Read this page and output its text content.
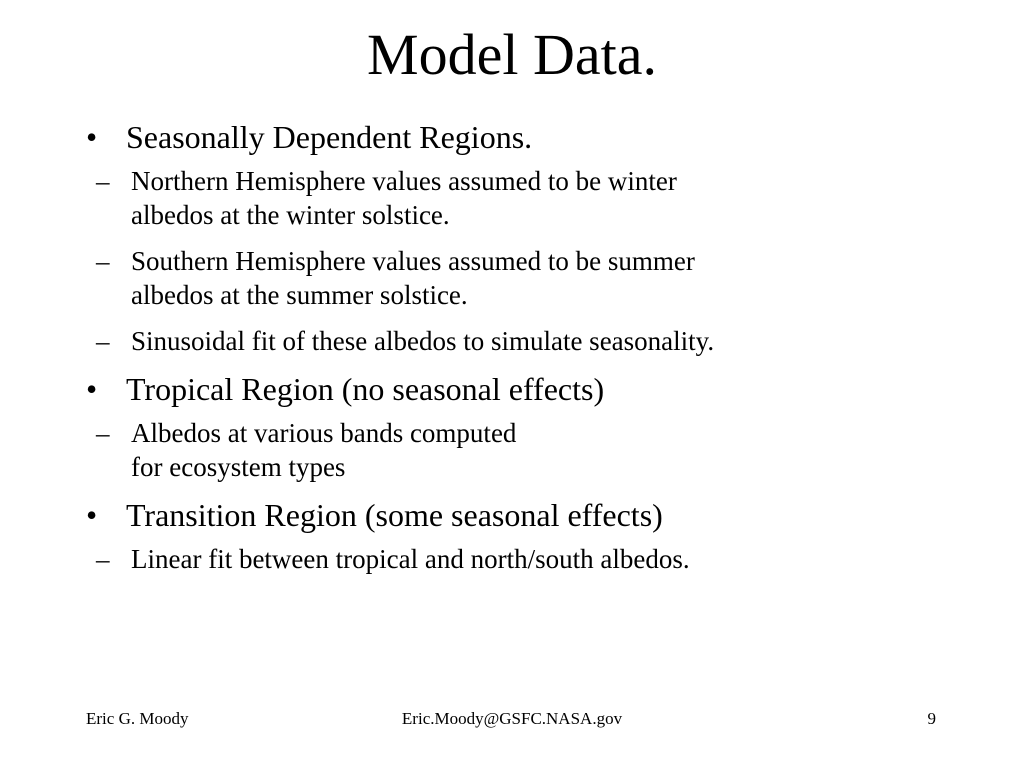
Model Data.
• Seasonally Dependent Regions.
– Northern Hemisphere values assumed to be winter
albedos at the winter solstice.
– Southern Hemisphere values assumed to be summer
albedos at the summer solstice.
– Sinusoidal fit of these albedos to simulate seasonality.
• Tropical Region (no seasonal effects)
– Albedos at various bands computed
for ecosystem types
• Transition Region (some seasonal effects)
– Linear fit between tropical and north/south albedos.
Eric G. Moody	Eric.Moody@GSFC.NASA.gov	9
